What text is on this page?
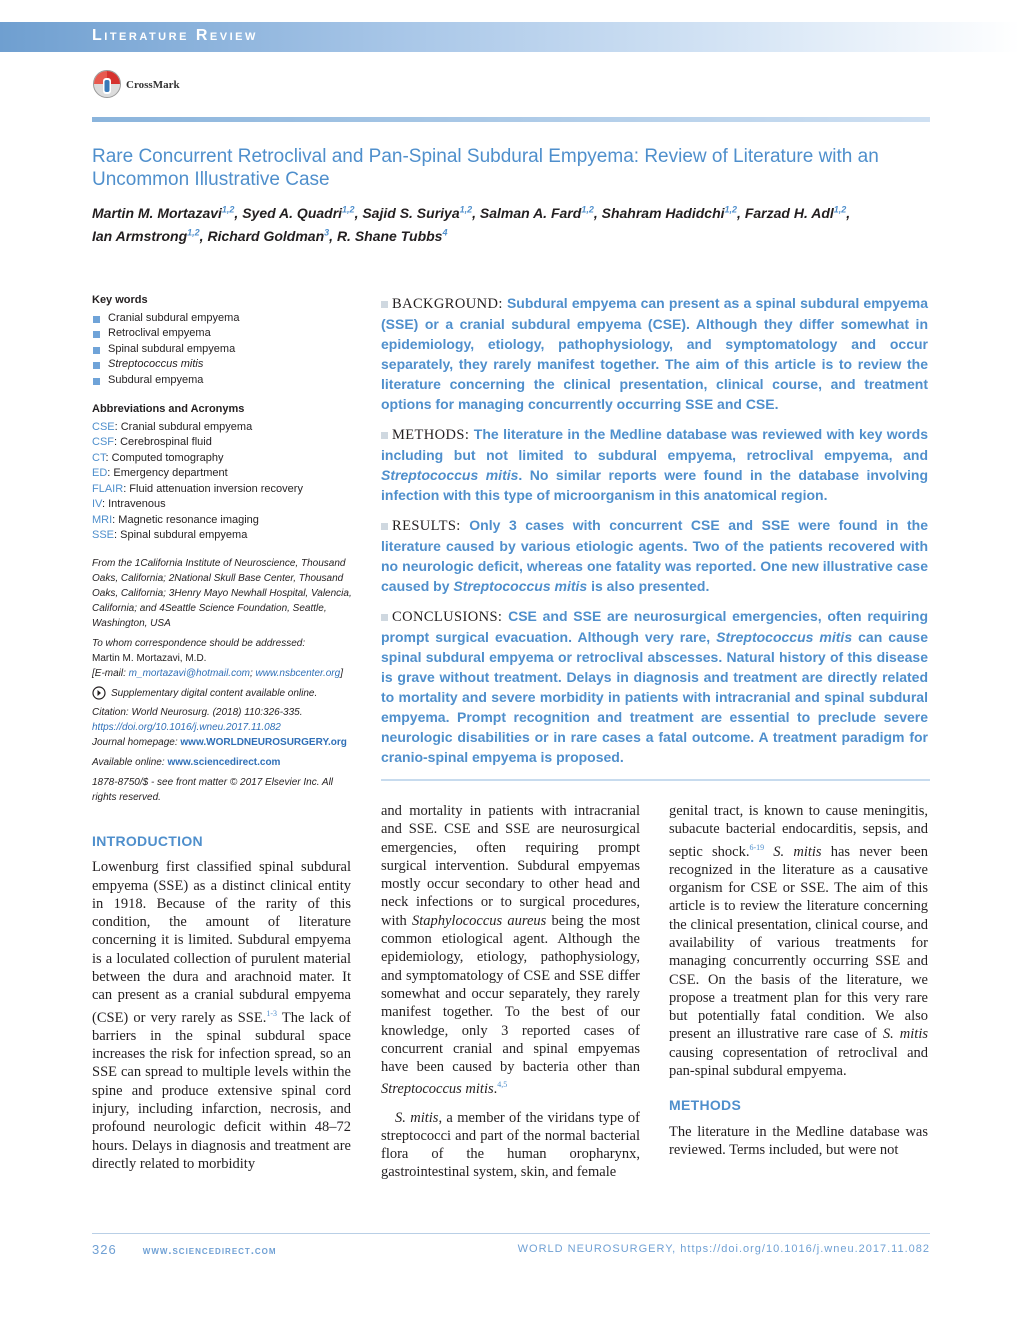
Literature Review
CrossMark
Rare Concurrent Retroclival and Pan-Spinal Subdural Empyema: Review of Literature with an Uncommon Illustrative Case
Martin M. Mortazavi$^{1,2}$, Syed A. Quadri$^{1,2}$, Sajid S. Suriya$^{1,2}$, Salman A. Fard$^{1,2}$, Shahram Hadidchi$^{1,2}$, Farzad H. Adl$^{1,2}$,
Ian Armstrong$^{1,2}$, Richard Goldman$^3$, R. Shane Tubbs$^4$
Key words
Cranial subdural empyema
Retroclival empyema
Spinal subdural empyema
Streptococcus mitis
Subdural empyema
Abbreviations and Acronyms
CSE: Cranial subdural empyema
CSF: Cerebrospinal fluid
CT: Computed tomography
ED: Emergency department
FLAIR: Fluid attenuation inversion recovery
IV: Intravenous
MRI: Magnetic resonance imaging
SSE: Spinal subdural empyema
From the 1California Institute of Neuroscience, Thousand Oaks, California; 2National Skull Base Center, Thousand Oaks, California; 3Henry Mayo Newhall Hospital, Valencia, California; and 4Seattle Science Foundation, Seattle, Washington, USA
To whom correspondence should be addressed:
Martin M. Mortazavi, M.D.
[E-mail: m_mortazavi@hotmail.com; www.nsbcenter.org]
Supplementary digital content available online.
Citation: World Neurosurg. (2018) 110:326-335.
https://doi.org/10.1016/j.wneu.2017.11.082
Journal homepage: www.WORLDNEUROSURGERY.org
Available online: www.sciencedirect.com
1878-8750/$ - see front matter © 2017 Elsevier Inc. All rights reserved.

BACKGROUND: Subdural empyema can present as a spinal subdural empyema (SSE) or a cranial subdural empyema (CSE). Although they differ somewhat in epidemiology, etiology, pathophysiology, and symptomatology and occur separately, they rarely manifest together. The aim of this article is to review the literature concerning the clinical presentation, clinical course, and treatment options for managing concurrently occurring SSE and CSE.

METHODS: The literature in the Medline database was reviewed with key words including but not limited to subdural empyema, retroclival empyema, and Streptococcus mitis. No similar reports were found in the database involving infection with this type of microorganism in this anatomical region.

RESULTS: Only 3 cases with concurrent CSE and SSE were found in the literature caused by various etiologic agents. Two of the patients recovered with no neurologic deficit, whereas one fatality was reported. One new illustrative case caused by Streptococcus mitis is also presented.

CONCLUSIONS: CSE and SSE are neurosurgical emergencies, often requiring prompt surgical evacuation. Although very rare, Streptococcus mitis can cause spinal subdural empyema or retroclival abscesses. Natural history of this disease is grave without treatment. Delays in diagnosis and treatment are directly related to mortality and severe morbidity in patients with intracranial and spinal subdural empyema. Prompt recognition and treatment are essential to preclude severe neurologic disabilities or in rare cases a fatal outcome. A treatment paradigm for cranio-spinal empyema is proposed.

INTRODUCTION

Lowenburg first classified spinal subdural empyema (SSE) as a distinct clinical entity in 1918. Because of the rarity of this condition, the amount of literature concerning it is limited. Subdural empyema is a loculated collection of purulent material between the dura and arachnoid mater. It can present as a cranial subdural empyema (CSE) or very rarely as SSE.$^{1-3}$ The lack of barriers in the spinal subdural space increases the risk for infection spread, so an SSE can spread to multiple levels within the spine and produce extensive spinal cord injury, including infarction, necrosis, and profound neurologic deficit within 48–72 hours. Delays in diagnosis and treatment are directly related to morbidity

and mortality in patients with intracranial and SSE. CSE and SSE are neurosurgical emergencies, often requiring prompt surgical intervention. Subdural empyemas mostly occur secondary to other head and neck infections or to surgical procedures, with Staphylococcus aureus being the most common etiological agent. Although the epidemiology, etiology, pathophysiology, and symptomatology of CSE and SSE differ somewhat and occur separately, they rarely manifest together. To the best of our knowledge, only 3 reported cases of concurrent cranial and spinal empyemas have been caused by bacteria other than Streptococcus mitis.$^{4,5}$

S. mitis, a member of the viridans type of streptococci and part of the normal bacterial flora of the human oropharynx, gastrointestinal system, skin, and female

genital tract, is known to cause meningitis, subacute bacterial endocarditis, sepsis, and septic shock.$^{6-19}$ S. mitis has never been recognized in the literature as a causative organism for CSE or SSE. The aim of this article is to review the literature concerning the clinical presentation, clinical course, and availability of various treatments for managing concurrently occurring SSE and CSE. On the basis of the literature, we propose a treatment plan for this very rare but potentially fatal condition. We also present an illustrative rare case of S. mitis causing copresentation of retroclival and pan-spinal subdural empyema.

METHODS

The literature in the Medline database was reviewed. Terms included, but were not

326 www.sciencedirect.com	WORLD NEUROSURGERY, https://doi.org/10.1016/j.wneu.2017.11.082
